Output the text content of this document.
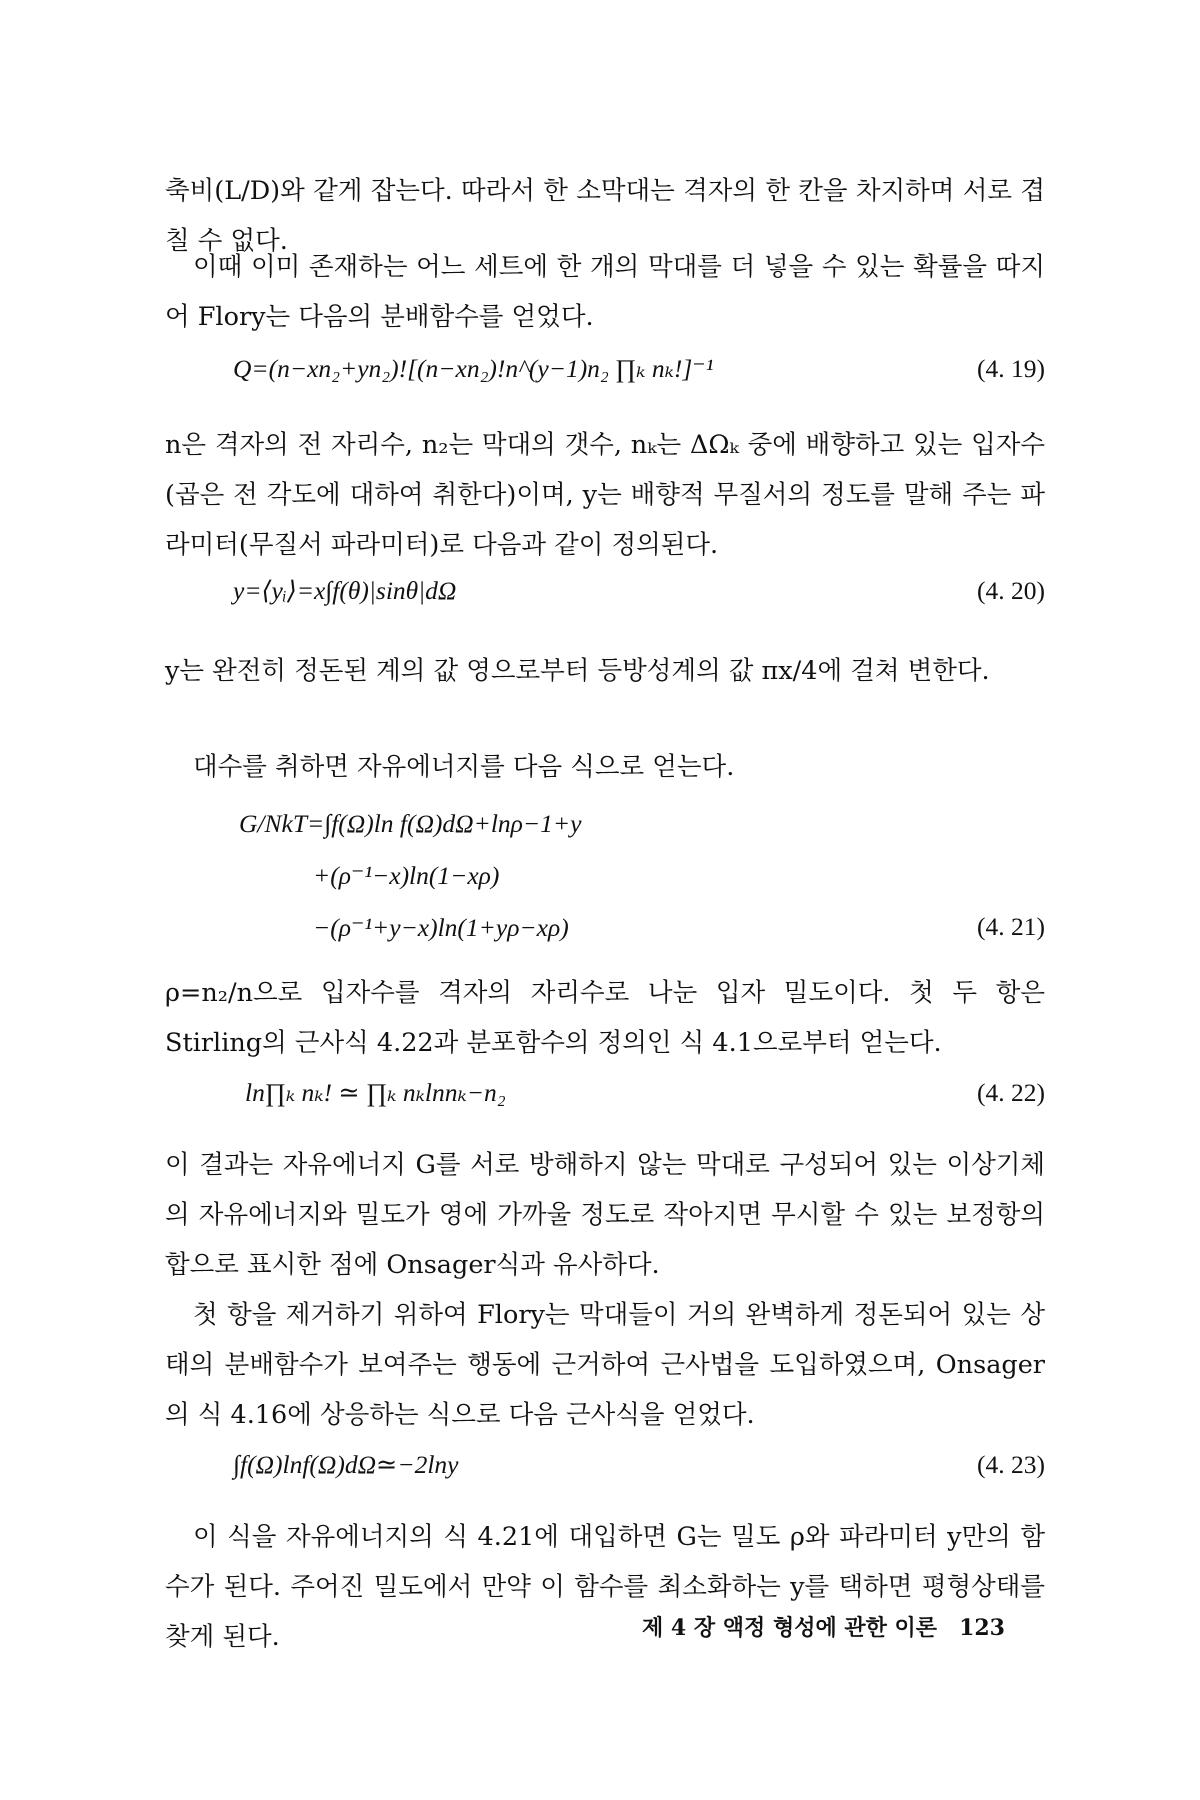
축비(L/D)와 같게 잡는다. 따라서 한 소막대는 격자의 한 칸을 차지하며 서로 겹칠 수 없다.

이때 이미 존재하는 어느 세트에 한 개의 막대를 더 넣을 수 있는 확률을 따지어 Flory는 다음의 분배함수를 얻었다.

Q=(n−xn₂+yn₂)![(n−xn₂)!n^(y−1)n₂ ∏ₖ nₖ!]⁻¹	(4. 19)

n은 격자의 전 자리수, n₂는 막대의 갯수, nₖ는 ΔΩₖ 중에 배향하고 있는 입자수(곱은 전 각도에 대하여 취한다)이며, y는 배향적 무질서의 정도를 말해 주는 파라미터(무질서 파라미터)로 다음과 같이 정의된다.

y=⟨yᵢ⟩=x∫f(θ)|sinθ|dΩ	(4. 20)

y는 완전히 정돈된 계의 값 영으로부터 등방성계의 값 πx/4에 걸쳐 변한다.

대수를 취하면 자유에너지를 다음 식으로 얻는다.

G/NkT=∫f(Ω)ln f(Ω)dΩ+lnρ−1+y
+(ρ⁻¹−x)ln(1−xρ)
−(ρ⁻¹+y−x)ln(1+yρ−xρ)	(4. 21)

ρ=n₂/n으로 입자수를 격자의 자리수로 나눈 입자 밀도이다. 첫 두 항은 Stirling의 근사식 4.22과 분포함수의 정의인 식 4.1으로부터 얻는다.

ln∏ₖ nₖ! ≃ ∏ₖ nₖlnnₖ−n₂	(4. 22)

이 결과는 자유에너지 G를 서로 방해하지 않는 막대로 구성되어 있는 이상기체의 자유에너지와 밀도가 영에 가까울 정도로 작아지면 무시할 수 있는 보정항의 합으로 표시한 점에 Onsager식과 유사하다.

첫 항을 제거하기 위하여 Flory는 막대들이 거의 완벽하게 정돈되어 있는 상태의 분배함수가 보여주는 행동에 근거하여 근사법을 도입하였으며, Onsager의 식 4.16에 상응하는 식으로 다음 근사식을 얻었다.

∫f(Ω)lnf(Ω)dΩ≃−2lny	(4. 23)

이 식을 자유에너지의 식 4.21에 대입하면 G는 밀도 ρ와 파라미터 y만의 함수가 된다. 주어진 밀도에서 만약 이 함수를 최소화하는 y를 택하면 평형상태를 찾게 된다.	제 4 장 액정 형성에 관한 이론 123
